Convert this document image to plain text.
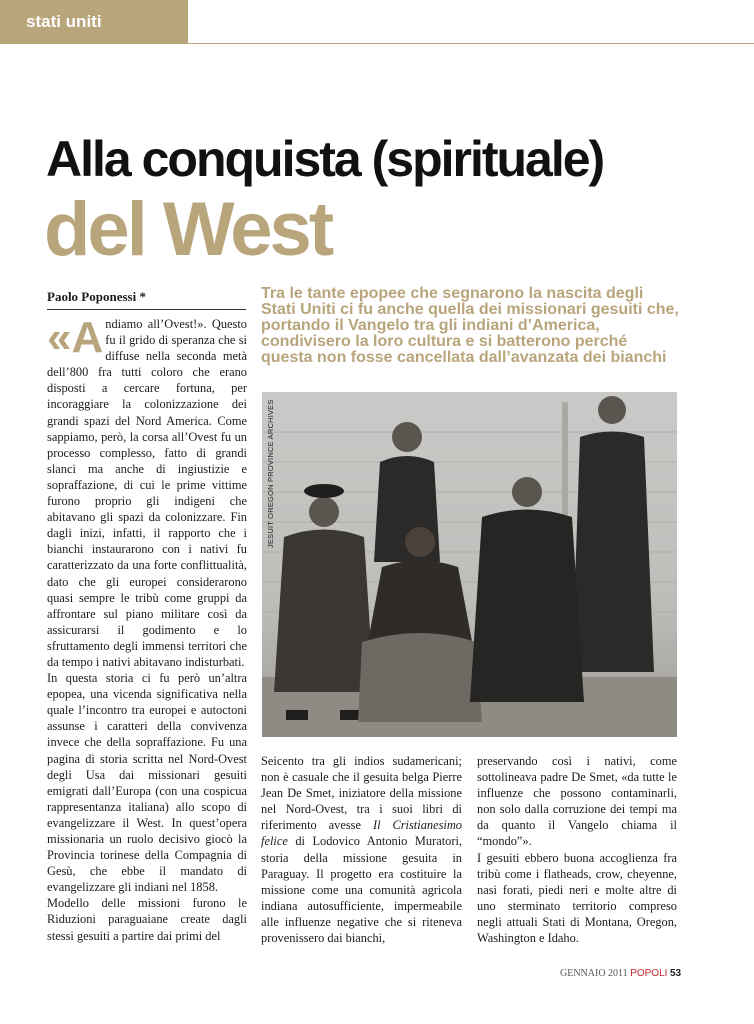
stati uniti
Alla conquista (spirituale)
del West
Paolo Poponessi *	Tra le tante epopee che segnarono la nascita degli Stati Uniti ci fu anche quella dei missionari gesuiti che, portando il Vangelo tra gli indiani d’America, condivisero la loro cultura e si batterono perché questa non fosse cancellata dall’avanzata dei bianchi

«Andiamo all’Ovest!». Questo fu il grido di speranza che si diffuse nella seconda metà dell’800 fra tutti coloro che erano disposti a cercare fortuna, per incoraggiare la colonizzazione dei grandi spazi del Nord America. Come sappiamo, però, la corsa all’Ovest fu un processo complesso, fatto di grandi slanci ma anche di ingiustizie e sopraffazione, di cui le prime vittime furono proprio gli indigeni che abitavano gli spazi da colonizzare. Fin dagli inizi, infatti, il rapporto che i bianchi instaurarono con i nativi fu caratterizzato da una forte conflittualità, dato che gli europei considerarono quasi sempre le tribù come gruppi da affrontare sul piano militare così da assicurarsi il godimento e lo sfruttamento degli immensi territori che da tempo i nativi abitavano indisturbati.

In questa storia ci fu però un’altra epopea, una vicenda significativa nella quale l’incontro tra europei e autoctoni assunse i caratteri della convivenza invece che della sopraffazione. Fu una pagina di storia scritta nel Nord-Ovest degli Usa dai missionari gesuiti emigrati dall’Europa (con una cospicua rappresentanza italiana) allo scopo di evangelizzare il West. In quest’opera missionaria un ruolo decisivo giocò la Provincia torinese della Compagnia di Gesù, che ebbe il mandato di evangelizzare gli indiani nel 1858.

Modello delle missioni furono le Riduzioni paraguaiane create dagli stessi gesuiti a partire dai primi del

JESUIT OREGON PROVINCE ARCHIVES

Seicento tra gli indios sudamericani; non è casuale che il gesuita belga Pierre Jean De Smet, iniziatore della missione nel Nord-Ovest, tra i suoi libri di riferimento avesse Il Cristianesimo felice di Lodovico Antonio Muratori, storia della missione gesuita in Paraguay. Il progetto era costituire la missione come una comunità agricola indiana autosufficiente, impermeabile alle influenze negative che si riteneva provenissero dai bianchi,

preservando così i nativi, come sottolineava padre De Smet, «da tutte le influenze che possono contaminarli, non solo dalla corruzione dei tempi ma da quanto il Vangelo chiama il “mondo”».

I gesuiti ebbero buona accoglienza fra tribù come i flatheads, crow, cheyenne, nasi forati, piedi neri e molte altre di uno sterminato territorio compreso negli attuali Stati di Montana, Oregon, Washington e Idaho.

GENNAIO 2011 POPOLI 53
